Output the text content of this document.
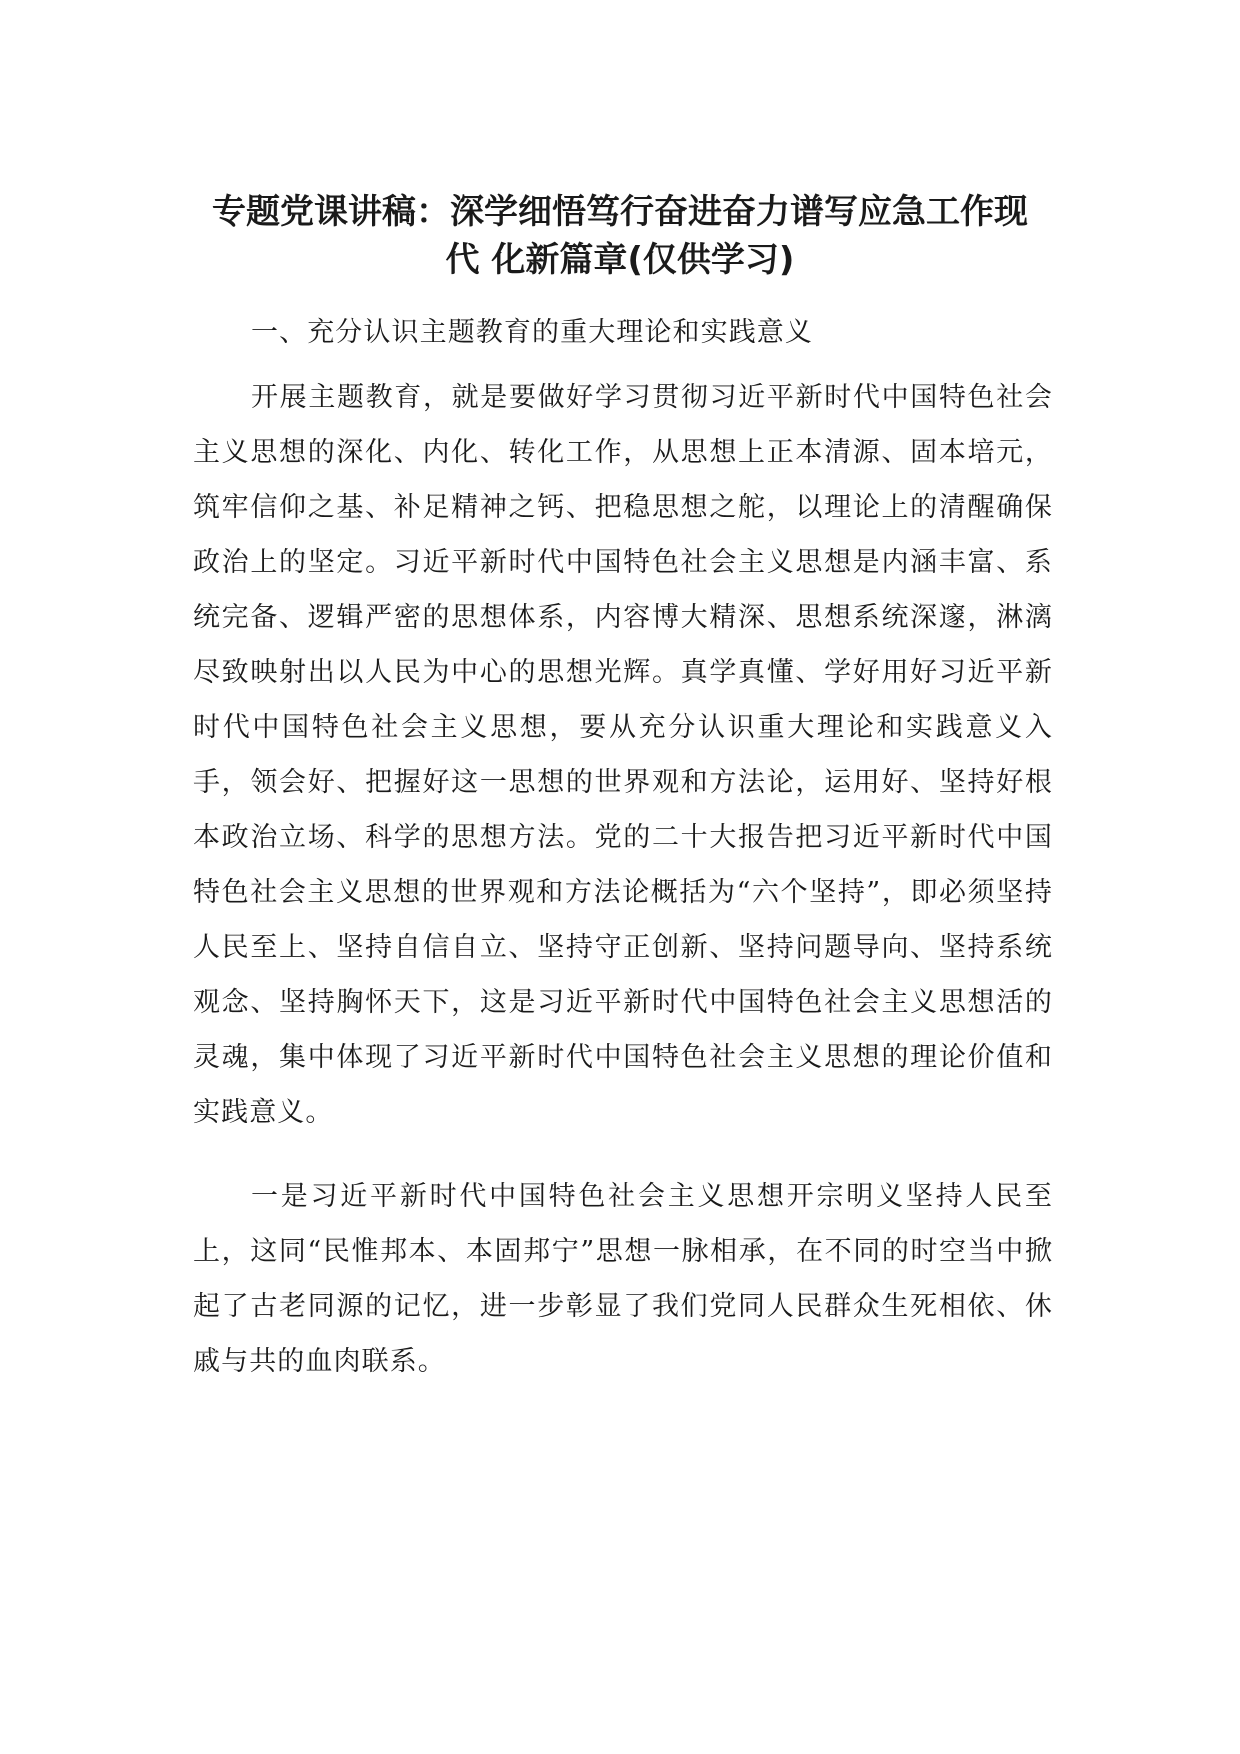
专题党课讲稿：深学细悟笃行奋进奋力谱写应急工作现
代 化新篇章(仅供学习)

一、充分认识主题教育的重大理论和实践意义

开展主题教育，就是要做好学习贯彻习近平新时代中国特色社会主义思想的深化、内化、转化工作，从思想上正本清源、固本培元，筑牢信仰之基、补足精神之钙、把稳思想之舵，以理论上的清醒确保政治上的坚定。习近平新时代中国特色社会主义思想是内涵丰富、系统完备、逻辑严密的思想体系，内容博大精深、思想系统深邃，淋漓尽致映射出以人民为中心的思想光辉。真学真懂、学好用好习近平新时代中国特色社会主义思想，要从充分认识重大理论和实践意义入手，领会好、把握好这一思想的世界观和方法论，运用好、坚持好根本政治立场、科学的思想方法。党的二十大报告把习近平新时代中国特色社会主义思想的世界观和方法论概括为“六个坚持”，即必须坚持人民至上、坚持自信自立、坚持守正创新、坚持问题导向、坚持系统观念、坚持胸怀天下，这是习近平新时代中国特色社会主义思想活的灵魂，集中体现了习近平新时代中国特色社会主义思想的理论价值和实践意义。

一是习近平新时代中国特色社会主义思想开宗明义坚持人民至上，这同“民惟邦本、本固邦宁”思想一脉相承，在不同的时空当中掀起了古老同源的记忆，进一步彰显了我们党同人民群众生死相依、休戚与共的血肉联系。
